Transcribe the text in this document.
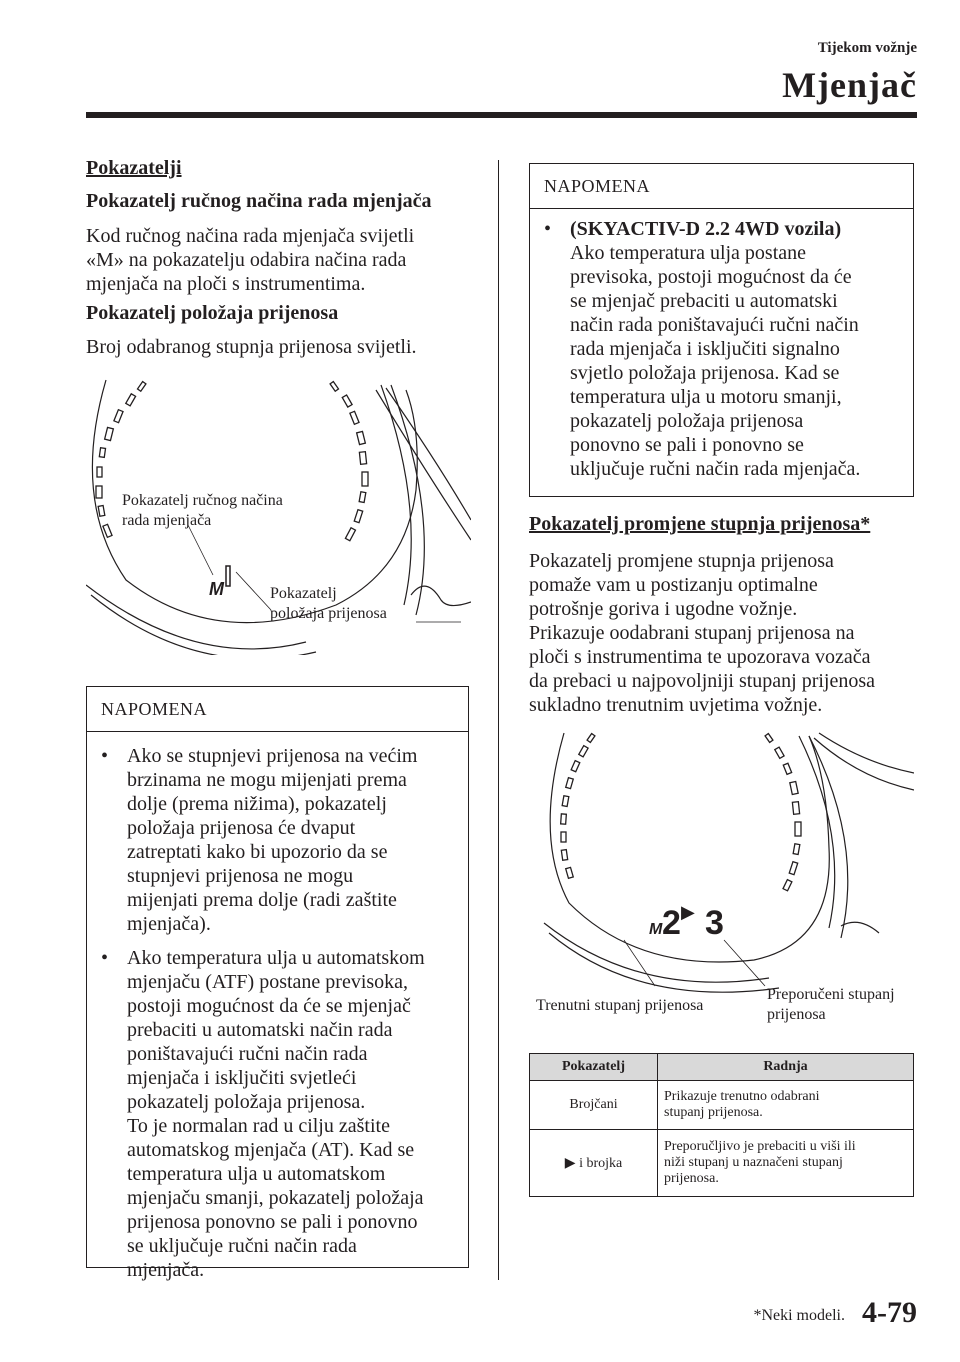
Tijekom vožnje
Mjenjač
Pokazatelji
Pokazatelj ručnog načina rada mjenjača
Kod ručnog načina rada mjenjača svijetli
«M» na pokazatelju odabira načina rada
mjenjača na ploči s instrumentima.
Pokazatelj položaja prijenosa
Broj odabranog stupnja prijenosa svijetli.
M
Pokazatelj ručnog načina
rada mjenjača
Pokazatelj
položaja prijenosa
NAPOMENA
• Ako se stupnjevi prijenosa na većim
brzinama ne mogu mijenjati prema
dolje (prema nižima), pokazatelj
položaja prijenosa će dvaput
zatreptati kako bi upozorio da se
stupnjevi prijenosa ne mogu
mijenjati prema dolje (radi zaštite
mjenjača).
• Ako temperatura ulja u automatskom
mjenjaču (ATF) postane previsoka,
postoji mogućnost da će se mjenjač
prebaciti u automatski način rada
poništavajući ručni način rada
mjenjača i isključiti svjetleći
pokazatelj položaja prijenosa.
To je normalan rad u cilju zaštite
automatskog mjenjača (AT). Kad se
temperatura ulja u automatskom
mjenjaču smanji, pokazatelj položaja
prijenosa ponovno se pali i ponovno
se uključuje ručni način rada
mjenjača.
NAPOMENA
• (SKYACTIV-D 2.2 4WD vozila)
Ako temperatura ulja postane
previsoka, postoji mogućnost da će
se mjenjač prebaciti u automatski
način rada poništavajući ručni način
rada mjenjača i isključiti signalno
svjetlo položaja prijenosa. Kad se
temperatura ulja u motoru smanji,
pokazatelj položaja prijenosa
ponovno se pali i ponovno se
uključuje ručni način rada mjenjača.
Pokazatelj promjene stupnja prijenosa*
Pokazatelj promjene stupnja prijenosa
pomaže vam u postizanju optimalne
potrošnje goriva i ugodne vožnje.
Prikazuje oodabrani stupanj prijenosa na
ploči s instrumentima te upozorava vozača
da prebaci u najpovoljniji stupanj prijenosa
sukladno trenutnim uvjetima vožnje.
M 2 ▶ 3
Trenutni stupanj prijenosa
Preporučeni stupanj
prijenosa
Pokazatelj	Radnja
Brojčani	Prikazuje trenutno odabrani
stupanj prijenosa.

▶ i brojka	Preporučljivo je prebaciti u viši ili
niži stupanj u naznačeni stupanj
prijenosa.
*Neki modeli. 4-79
